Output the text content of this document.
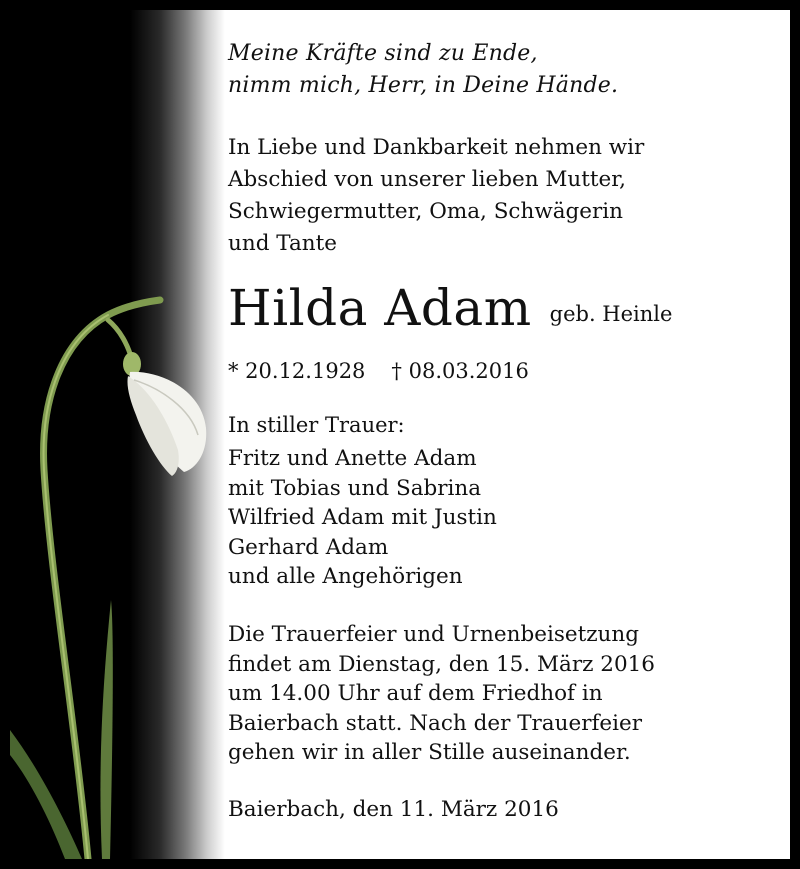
Meine Kräfte sind zu Ende,
nimm mich, Herr, in Deine Hände.
In Liebe und Dankbarkeit nehmen wir
Abschied von unserer lieben Mutter,
Schwiegermutter, Oma, Schwägerin
und Tante
Hilda Adam geb. Heinle
* 20.12.1928 † 08.03.2016
In stiller Trauer:
Fritz und Anette Adam
mit Tobias und Sabrina
Wilfried Adam mit Justin
Gerhard Adam
und alle Angehörigen
Die Trauerfeier und Urnenbeisetzung
findet am Dienstag, den 15. März 2016
um 14.00 Uhr auf dem Friedhof in
Baierbach statt. Nach der Trauerfeier
gehen wir in aller Stille auseinander.
Baierbach, den 11. März 2016
